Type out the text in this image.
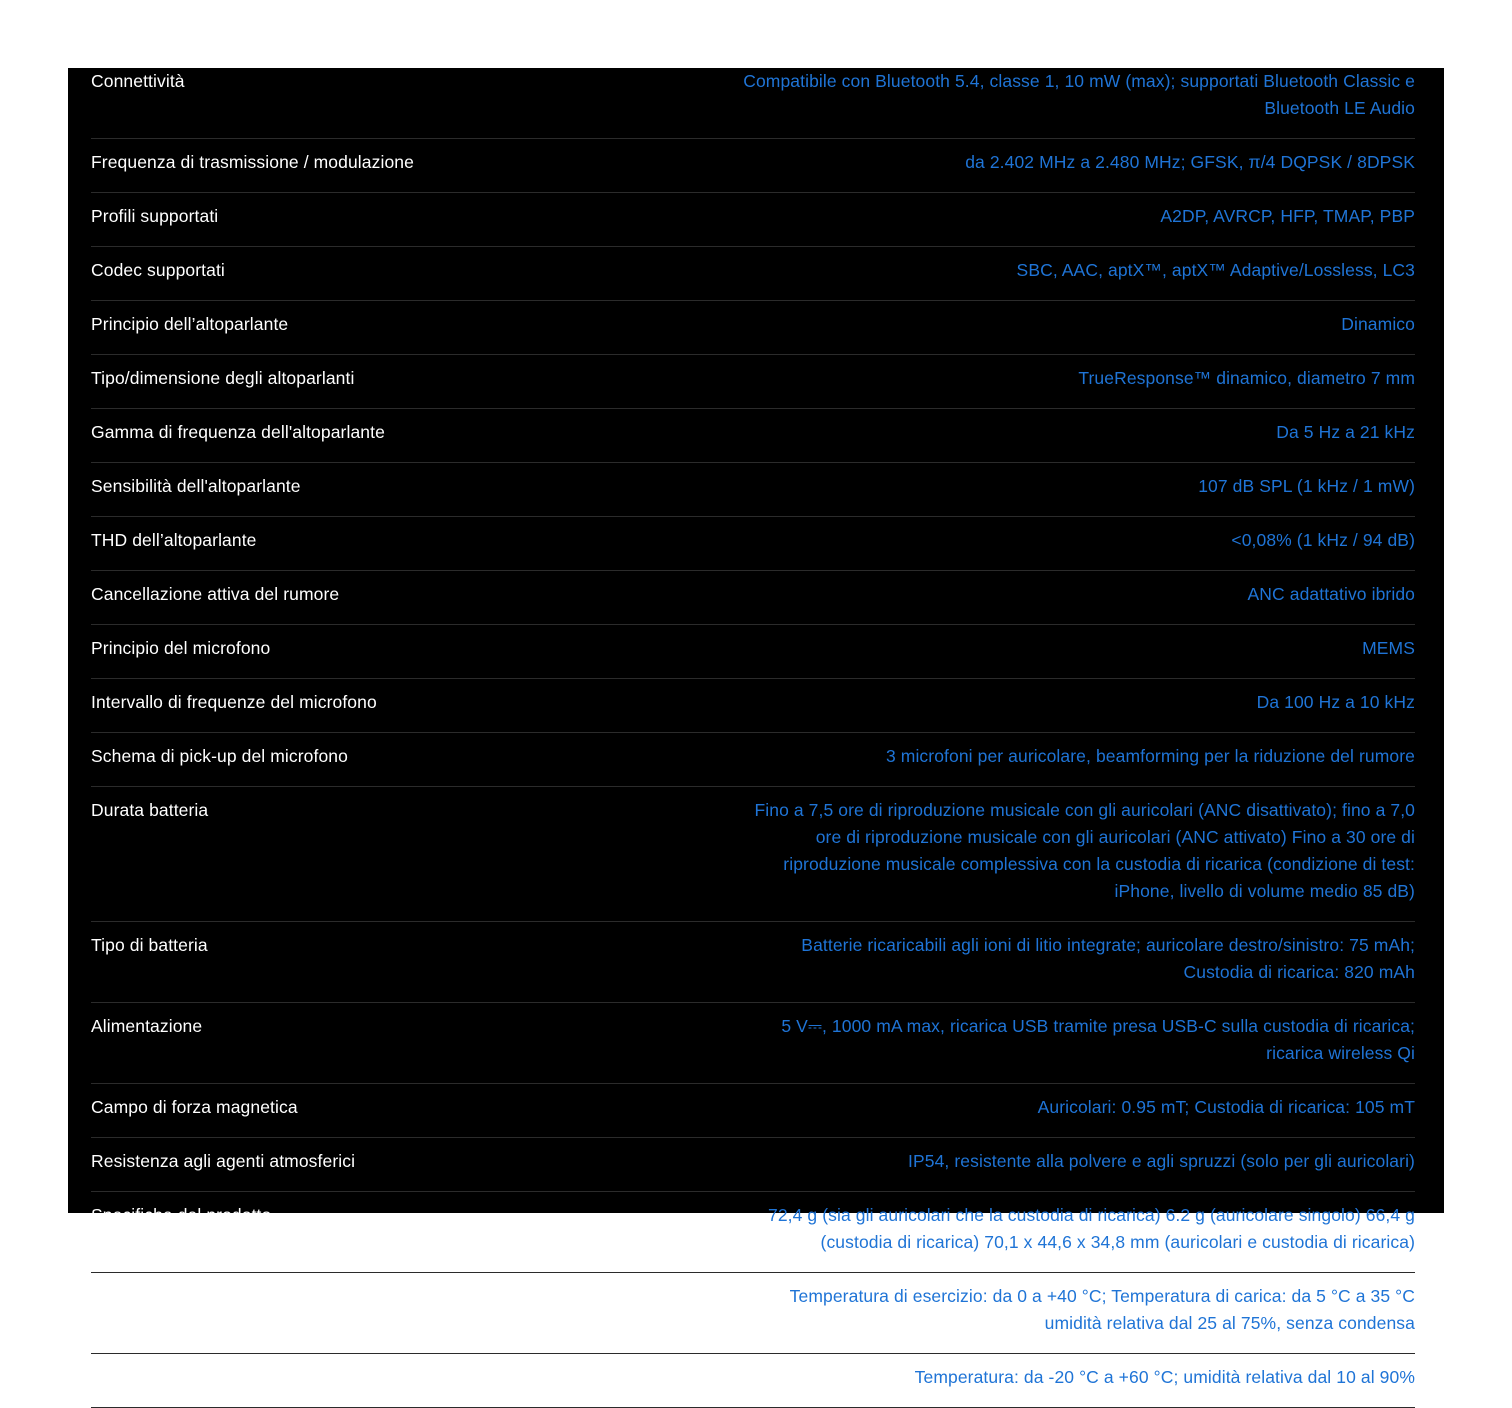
Connettività	Compatibile con Bluetooth 5.4, classe 1, 10 mW (max); supportati Bluetooth Classic e Bluetooth LE Audio
Frequenza di trasmissione / modulazione	da 2.402 MHz a 2.480 MHz; GFSK, π/4 DQPSK / 8DPSK
Profili supportati	A2DP, AVRCP, HFP, TMAP, PBP
Codec supportati	SBC, AAC, aptX™, aptX™ Adaptive/Lossless, LC3
Principio dell’altoparlante	Dinamico
Tipo/dimensione degli altoparlanti	TrueResponse™ dinamico, diametro 7 mm
Gamma di frequenza dell'altoparlante	Da 5 Hz a 21 kHz
Sensibilità dell'altoparlante	107 dB SPL (1 kHz / 1 mW)
THD dell’altoparlante	<0,08% (1 kHz / 94 dB)
Cancellazione attiva del rumore	ANC adattativo ibrido
Principio del microfono	MEMS
Intervallo di frequenze del microfono	Da 100 Hz a 10 kHz
Schema di pick-up del microfono	3 microfoni per auricolare, beamforming per la riduzione del rumore
Durata batteria	Fino a 7,5 ore di riproduzione musicale con gli auricolari (ANC disattivato); fino a 7,0 ore di riproduzione musicale con gli auricolari (ANC attivato) Fino a 30 ore di riproduzione musicale complessiva con la custodia di ricarica (condizione di test: iPhone, livello di volume medio 85 dB)
Tipo di batteria	Batterie ricaricabili agli ioni di litio integrate; auricolare destro/sinistro: 75 mAh; Custodia di ricarica: 820 mAh
Alimentazione	5 V⎓, 1000 mA max, ricarica USB tramite presa USB-C sulla custodia di ricarica; ricarica wireless Qi
Campo di forza magnetica	Auricolari: 0.95 mT; Custodia di ricarica: 105 mT
Resistenza agli agenti atmosferici	IP54, resistente alla polvere e agli spruzzi (solo per gli auricolari)
Specifiche del prodotto	72,4 g (sia gli auricolari che la custodia di ricarica) 6.2 g (auricolare singolo) 66,4 g (custodia di ricarica) 70,1 x 44,6 x 34,8 mm (auricolari e custodia di ricarica)
Condizioni di funzionamento	Temperatura di esercizio: da 0 a +40 °C; Temperatura di carica: da 5 °C a 35 °C umidità relativa dal 25 al 75%, senza condensa
Condizioni di conservazione	Temperatura: da -20 °C a +60 °C; umidità relativa dal 10 al 90%
